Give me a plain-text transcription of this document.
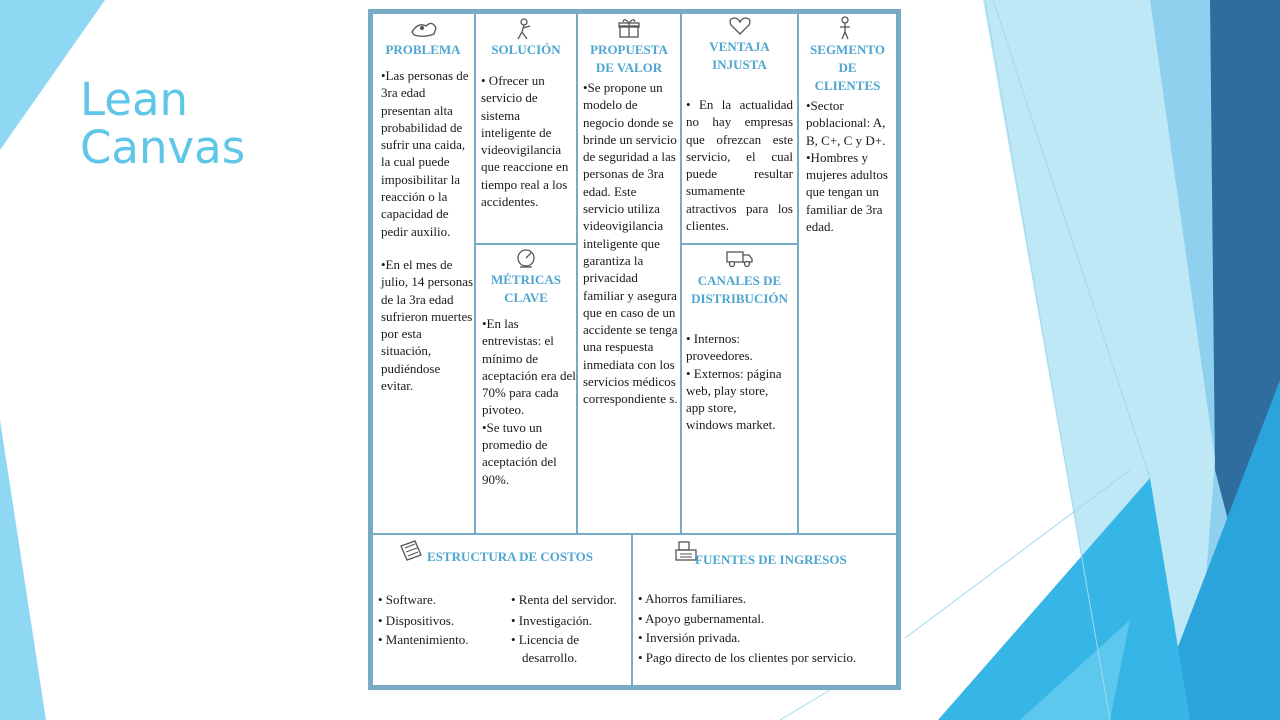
Lean
Canvas
PROBLEMA

•Las personas de 3ra edad presentan alta probabilidad de sufrir una caida, la cual puede imposibilitar la reacción o la capacidad de pedir auxilio.

•En el mes de julio, 14 personas de la 3ra edad sufrieron muertes por esta situación, pudiéndose evitar.

SOLUCIÓN

• Ofrecer un servicio de sistema inteligente de videovigilancia que reaccione en tiempo real a los accidentes.

MÉTRICAS
CLAVE

•En las entrevistas: el mínimo de aceptación era del 70% para cada pivoteo.

•Se tuvo un promedio de aceptación del 90%.

PROPUESTA
DE VALOR

•Se propone un modelo de negocio donde se brinde un servicio de seguridad a las personas de 3ra edad. Este servicio utiliza videovigilancia inteligente que garantiza la privacidad familiar y asegura que en caso de un accidente se tenga una respuesta inmediata con los servicios médicos correspondiente s.

VENTAJA
INJUSTA

• En la actualidad no hay empresas que ofrezcan este servicio, el cual puede resultar sumamente atractivos para los clientes.

CANALES DE
DISTRIBUCIÓN

• Internos: proveedores.

• Externos: página web, play store, app store, windows market.

SEGMENTO
DE
CLIENTES

•Sector poblacional: A, B, C+, C y D+.

•Hombres y mujeres adultos que tengan un familiar de 3ra edad.

ESTRUCTURA DE COSTOS

• Software.

• Dispositivos.

• Mantenimiento.

• Renta del servidor.

• Investigación.

• Licencia de

desarrollo.

FUENTES DE INGRESOS

• Ahorros familiares.

• Apoyo gubernamental.

• Inversión privada.

• Pago directo de los clientes por servicio.
